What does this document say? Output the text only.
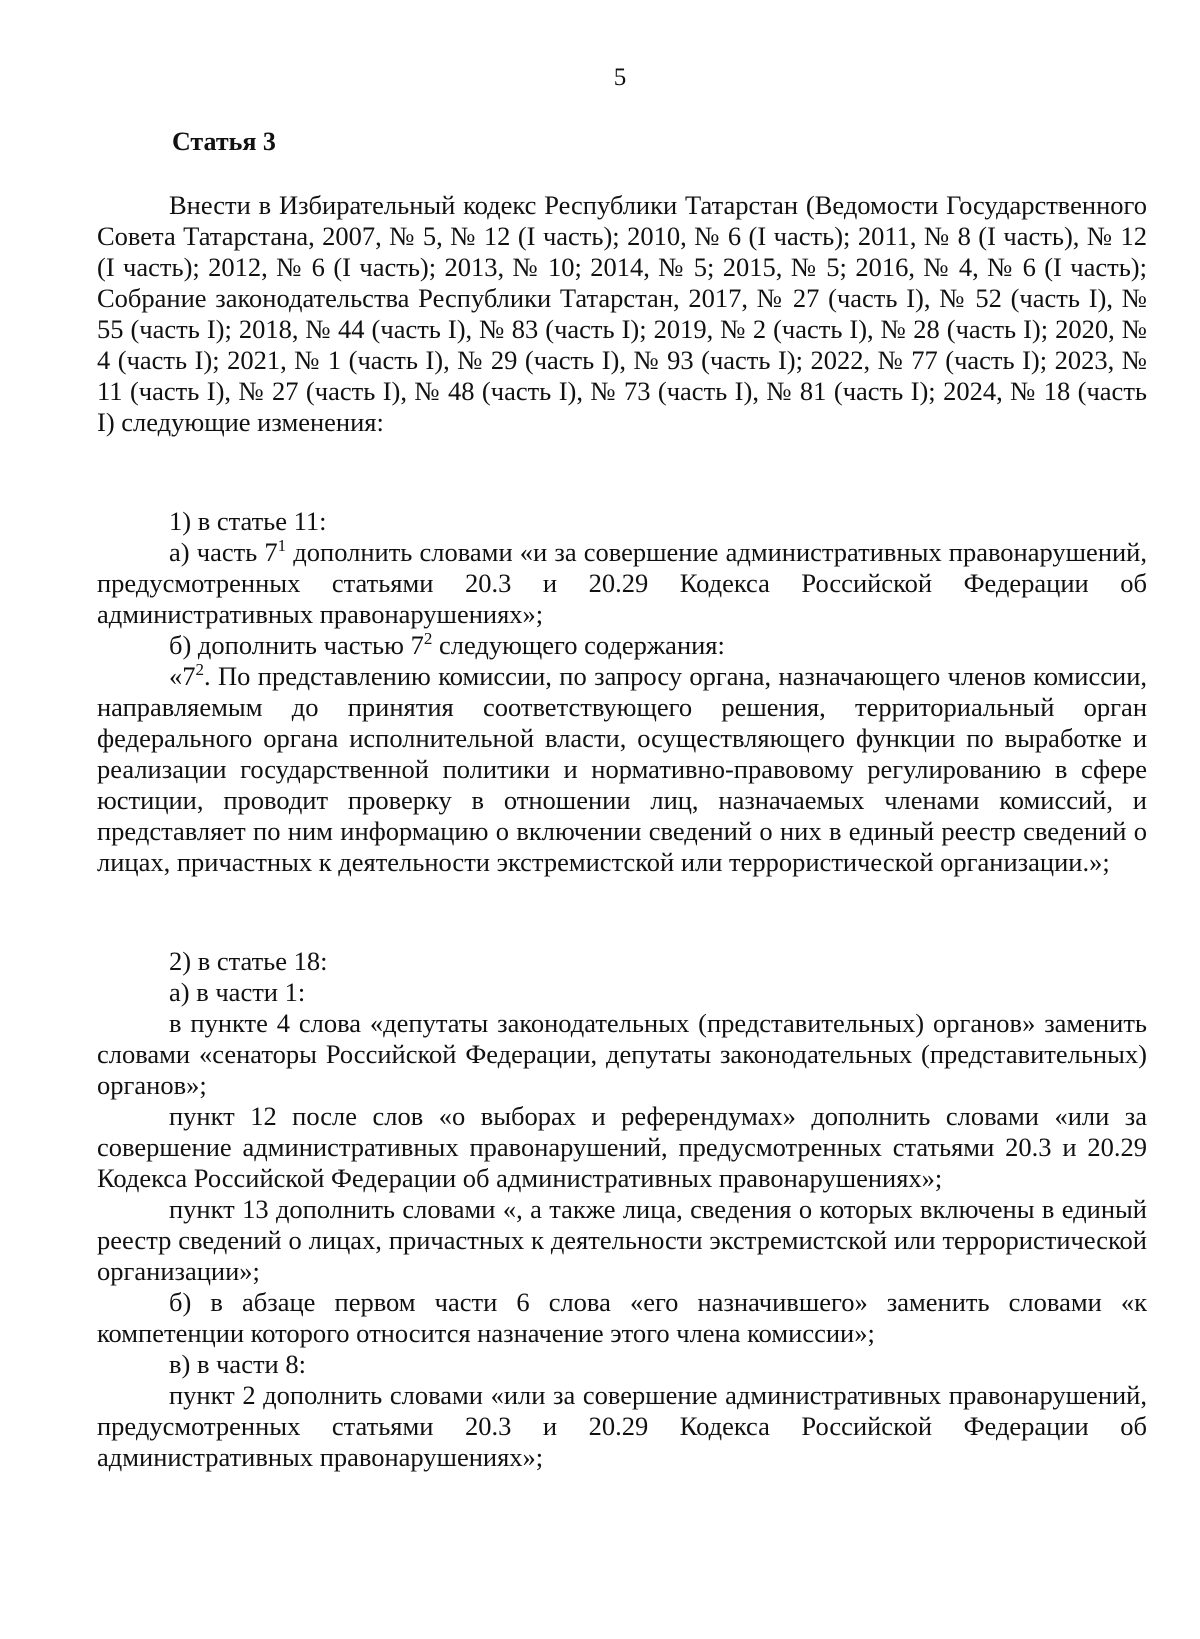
5
Статья 3

Внести в Избирательный кодекс Республики Татарстан (Ведомости Государственного Совета Татарстана, 2007, № 5, № 12 (I часть); 2010, № 6 (I часть); 2011, № 8 (I часть), № 12 (I часть); 2012, № 6 (I часть); 2013, № 10; 2014, № 5; 2015, № 5; 2016, № 4, № 6 (I часть); Собрание законодательства Республики Татарстан, 2017, № 27 (часть I), № 52 (часть I), № 55 (часть I); 2018, № 44 (часть I), № 83 (часть I); 2019, № 2 (часть I), № 28 (часть I); 2020, № 4 (часть I); 2021, № 1 (часть I), № 29 (часть I), № 93 (часть I); 2022, № 77 (часть I); 2023, № 11 (часть I), № 27 (часть I), № 48 (часть I), № 73 (часть I), № 81 (часть I); 2024, № 18 (часть I) следующие изменения:

1) в статье 11:

а) часть $7^1$ дополнить словами «и за совершение административных правонарушений, предусмотренных статьями 20.3 и 20.29 Кодекса Российской Федерации об административных правонарушениях»;

б) дополнить частью $7^2$ следующего содержания:

«$7^2$. По представлению комиссии, по запросу органа, назначающего членов комиссии, направляемым до принятия соответствующего решения, территориальный орган федерального органа исполнительной власти, осуществляющего функции по выработке и реализации государственной политики и нормативно-правовому регулированию в сфере юстиции, проводит проверку в отношении лиц, назначаемых членами комиссий, и представляет по ним информацию о включении сведений о них в единый реестр сведений о лицах, причастных к деятельности экстремистской или террористической организации.»;

2) в статье 18:

а) в части 1:

в пункте 4 слова «депутаты законодательных (представительных) органов» заменить словами «сенаторы Российской Федерации, депутаты законодательных (представительных) органов»;

пункт 12 после слов «о выборах и референдумах» дополнить словами «или за совершение административных правонарушений, предусмотренных статьями 20.3 и 20.29 Кодекса Российской Федерации об административных правонарушениях»;

пункт 13 дополнить словами «, а также лица, сведения о которых включены в единый реестр сведений о лицах, причастных к деятельности экстремистской или террористической организации»;

б) в абзаце первом части 6 слова «его назначившего» заменить словами «к компетенции которого относится назначение этого члена комиссии»;

в) в части 8:

пункт 2 дополнить словами «или за совершение административных правонарушений, предусмотренных статьями 20.3 и 20.29 Кодекса Российской Федерации об административных правонарушениях»;
